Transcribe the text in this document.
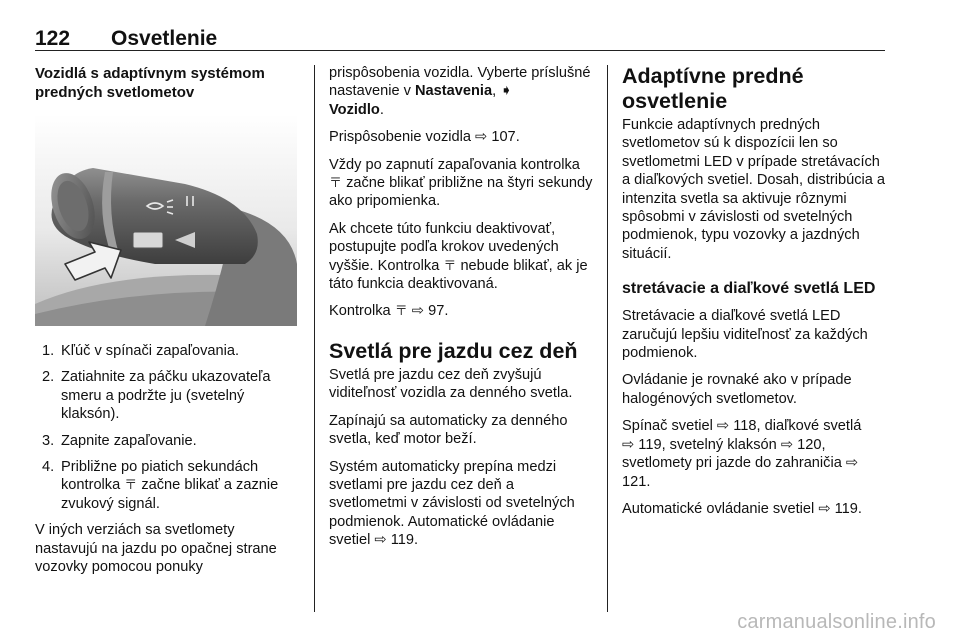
122 Osvetlenie
Vozidlá s adaptívnym systémom predných svetlometov
1. Kľúč v spínači zapaľovania.
2. Zatiahnite za páčku ukazovateľa smeru a podržte ju (svetelný klaksón).
3. Zapnite zapaľovanie.
4. Približne po piatich sekundách kontrolka 〒 začne blikať a zaznie zvukový signál.

V iných verziách sa svetlomety nastavujú na jazdu po opačnej strane vozovky pomocou ponuky

prispôsobenia vozidla. Vyberte príslušné nastavenie v Nastavenia, ➧
Vozidlo.

Prispôsobenie vozidla ⇨ 107.

Vždy po zapnutí zapaľovania kontrolka 〒 začne blikať približne na štyri sekundy ako pripomienka.

Ak chcete túto funkciu deaktivovať, postupujte podľa krokov uvedených vyššie. Kontrolka 〒 nebude blikať, ak je táto funkcia deaktivovaná.

Kontrolka 〒 ⇨ 97.

Svetlá pre jazdu cez deň

Svetlá pre jazdu cez deň zvyšujú viditeľnosť vozidla za denného svetla.

Zapínajú sa automaticky za denného svetla, keď motor beží.

Systém automaticky prepína medzi svetlami pre jazdu cez deň a svetlometmi v závislosti od svetelných podmienok. Automatické ovládanie svetiel ⇨ 119.

Adaptívne predné osvetlenie

Funkcie adaptívnych predných svetlometov sú k dispozícii len so svetlometmi LED v prípade stretávacích a diaľkových svetiel. Dosah, distribúcia a intenzita svetla sa aktivuje rôznymi spôsobmi v závislosti od svetelných podmienok, typu vozovky a jazdných situácií.

stretávacie a diaľkové svetlá LED

Stretávacie a diaľkové svetlá LED zaručujú lepšiu viditeľnosť za každých podmienok.

Ovládanie je rovnaké ako v prípade halogénových svetlometov.

Spínač svetiel ⇨ 118, diaľkové svetlá
⇨ 119, svetelný klaksón ⇨ 120, svetlomety pri jazde do zahraničia ⇨ 121.

Automatické ovládanie svetiel ⇨ 119.

carmanualsonline.info
